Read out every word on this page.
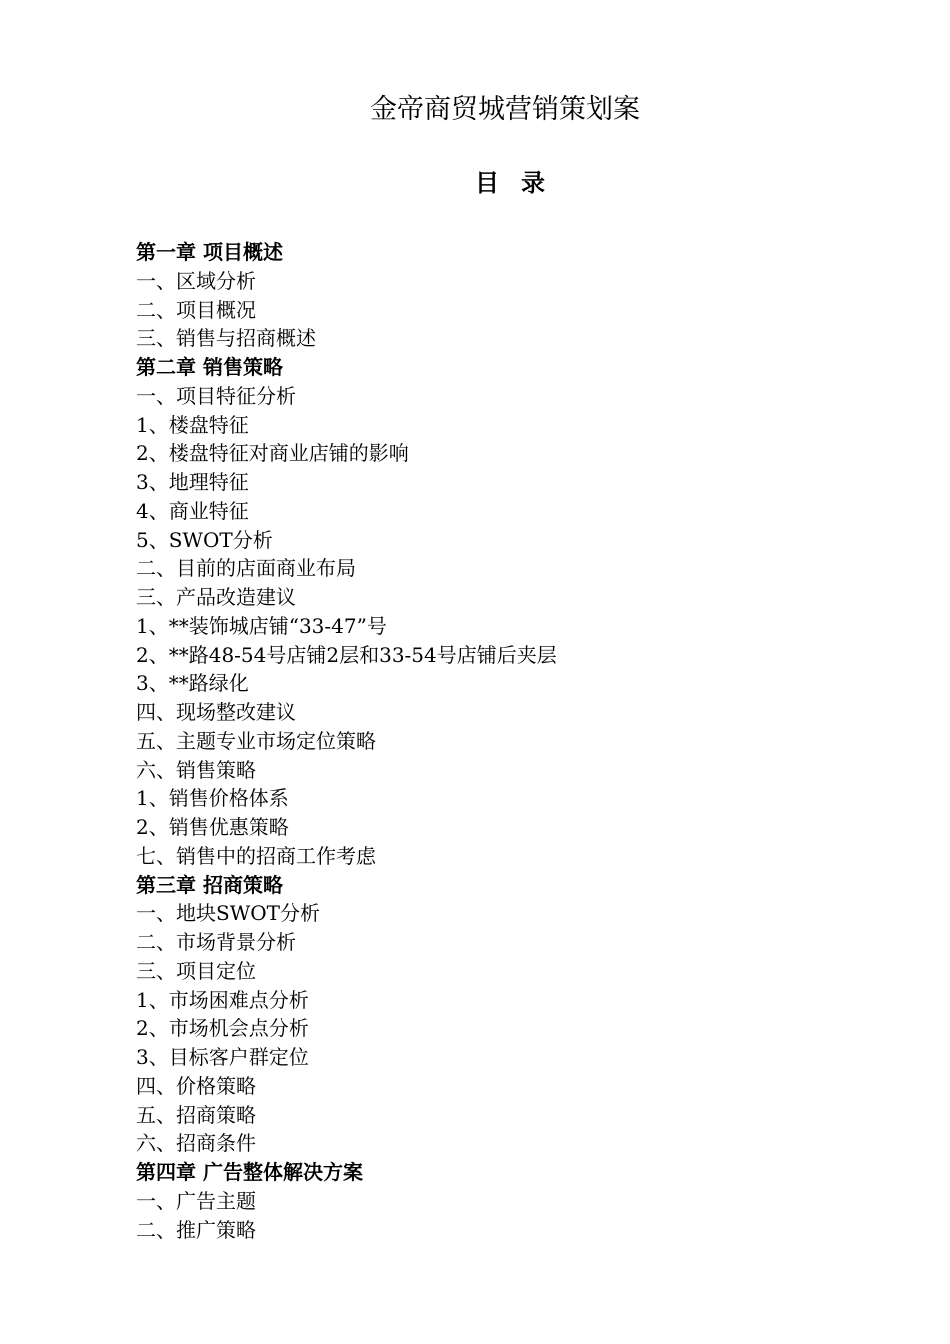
金帝商贸城营销策划案
目 录
第一章 项目概述
一、区域分析
二、项目概况
三、销售与招商概述
第二章 销售策略
一、项目特征分析
1、楼盘特征
2、楼盘特征对商业店铺的影响
3、地理特征
4、商业特征
5、SWOT分析
二、目前的店面商业布局
三、产品改造建议
1、**装饰城店铺“33-47”号
2、**路48-54号店铺2层和33-54号店铺后夹层
3、**路绿化
四、现场整改建议
五、主题专业市场定位策略
六、销售策略
1、销售价格体系
2、销售优惠策略
七、销售中的招商工作考虑
第三章 招商策略
一、地块SWOT分析
二、市场背景分析
三、项目定位
1、市场困难点分析
2、市场机会点分析
3、目标客户群定位
四、价格策略
五、招商策略
六、招商条件
第四章 广告整体解决方案
一、广告主题
二、推广策略
